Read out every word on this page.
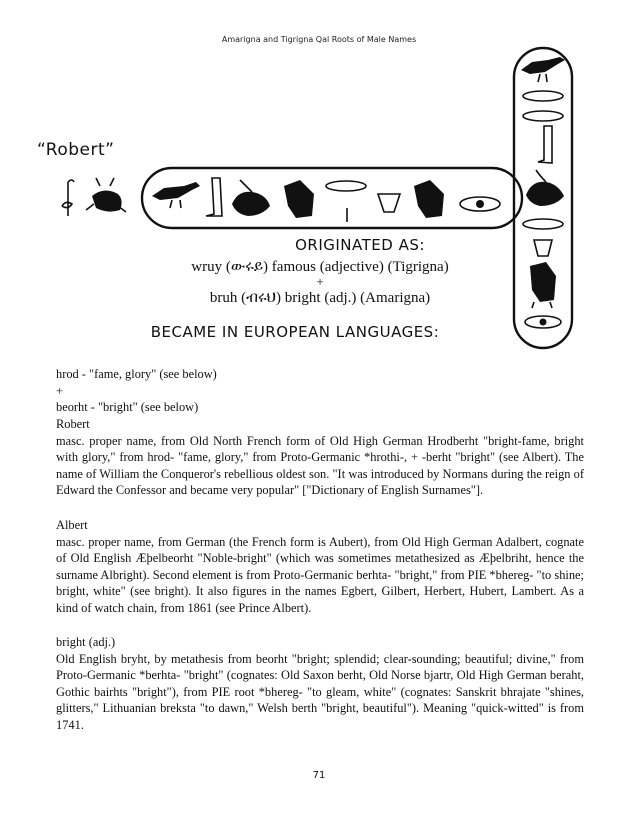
Amarigna and Tigrigna Qal Roots of Male Names
“Robert”
ORIGINATED AS:
wruy (ውሩይ) famous (adjective) (Tigrigna)
+
bruh (ብሩህ) bright (adj.) (Amarigna)
BECAME IN EUROPEAN LANGUAGES:

hrod - "fame, glory" (see below)

+

beorht - "bright" (see below)

Robert

masc. proper name, from Old North French form of Old High German Hrodberht "bright-fame, bright with glory," from hrod- "fame, glory," from Proto-Germanic *hrothi-, + -berht "bright" (see Albert). The name of William the Conqueror's rebellious oldest son. "It was introduced by Normans during the reign of Edward the Confessor and became very popular" ["Dictionary of English Surnames"].

Albert

masc. proper name, from German (the French form is Aubert), from Old High German Adalbert, cognate of Old English Æþelbeorht "Noble-bright" (which was sometimes metathesized as Æþelbriht, hence the surname Albright). Second element is from Proto-Germanic berhta- "bright," from PIE *bhereg- "to shine; bright, white" (see bright). It also figures in the names Egbert, Gilbert, Herbert, Hubert, Lambert. As a kind of watch chain, from 1861 (see Prince Albert).

bright (adj.)

Old English bryht, by metathesis from beorht "bright; splendid; clear-sounding; beautiful; divine," from Proto-Germanic *berhta- "bright" (cognates: Old Saxon berht, Old Norse bjartr, Old High German beraht, Gothic bairhts "bright"), from PIE root *bhereg- "to gleam, white" (cognates: Sanskrit bhrajate "shines, glitters," Lithuanian breksta "to dawn," Welsh berth "bright, beautiful"). Meaning "quick-witted" is from 1741.

71
